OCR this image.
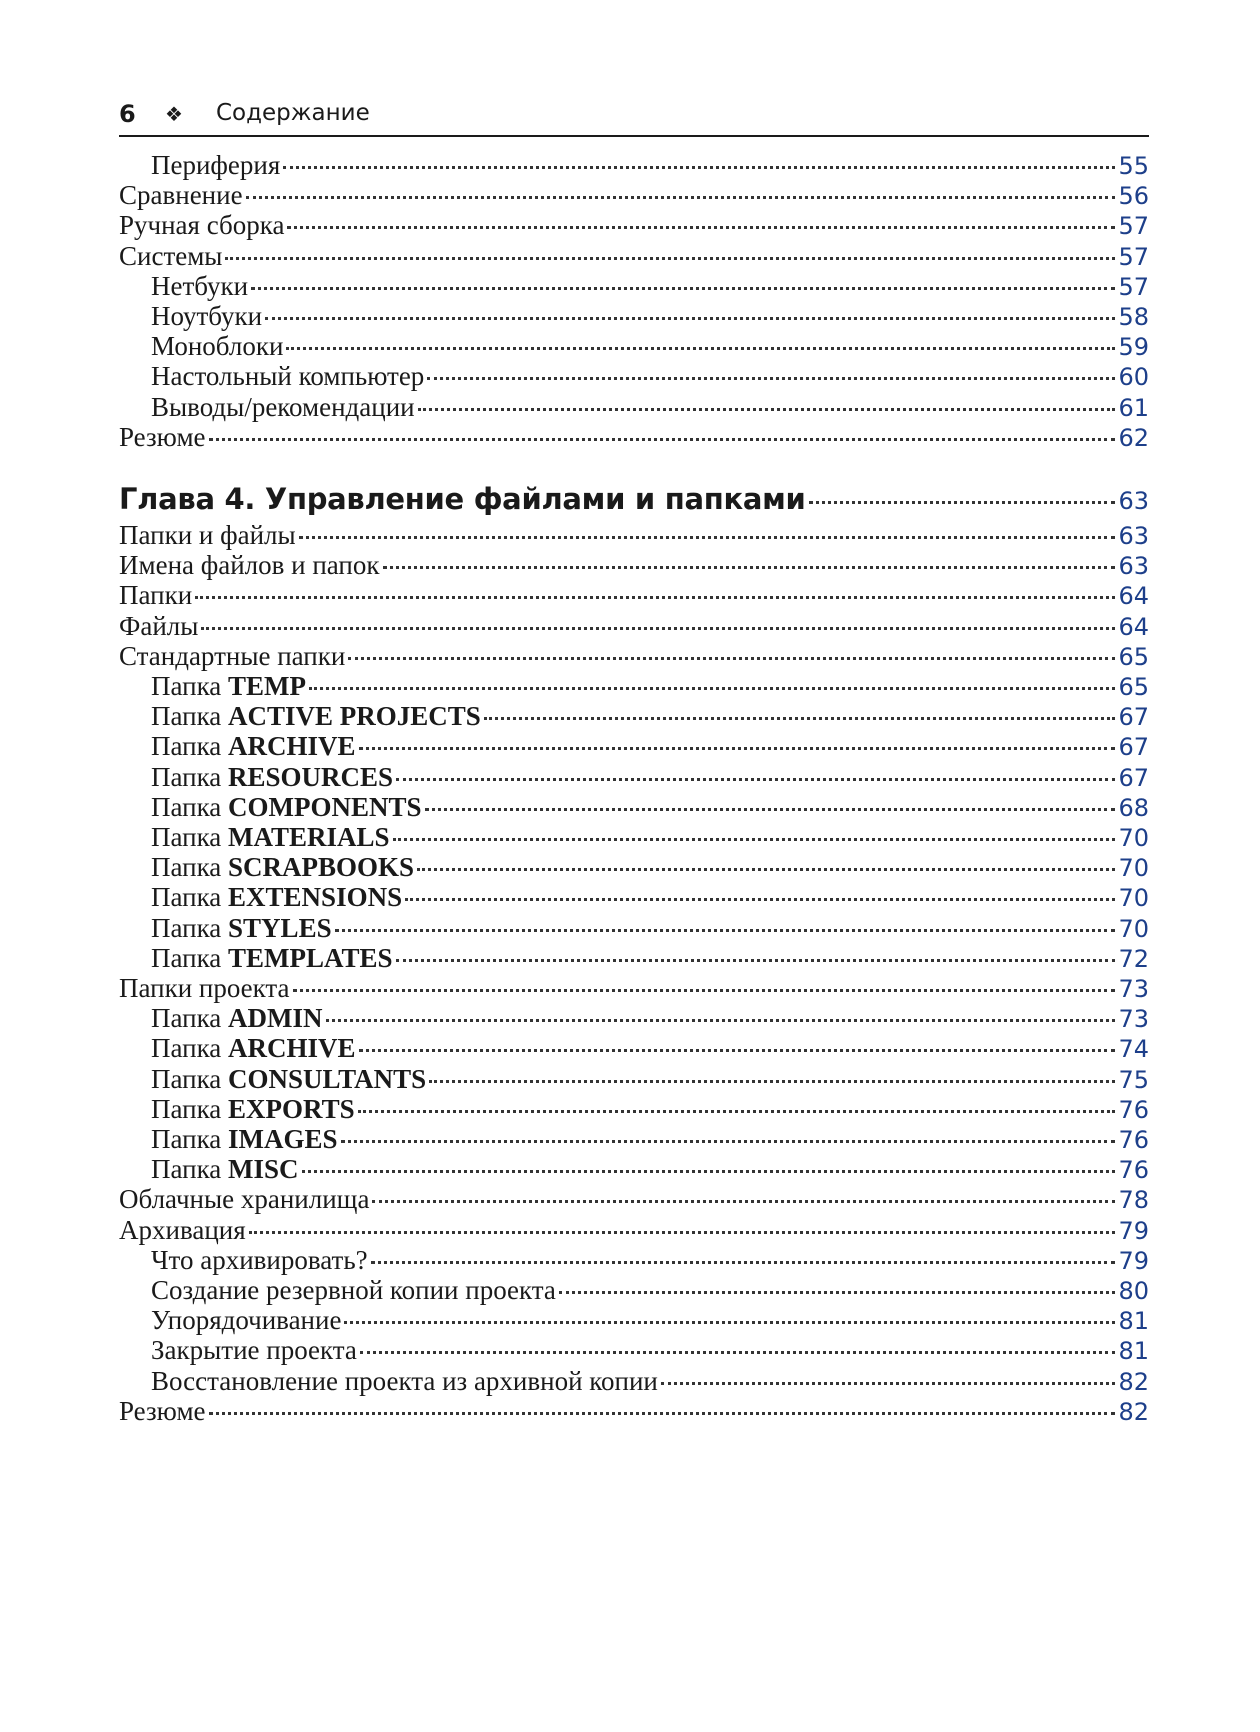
6 ❖ Содержание
Периферия	55
Сравнение	56
Ручная сборка	57
Системы	57
Нетбуки	57
Ноутбуки	58
Моноблоки	59
Настольный компьютер	60
Выводы/рекомендации	61
Резюме	62
Глава 4. Управление файлами и папками	63
Папки и файлы	63
Имена файлов и папок	63
Папки	64
Файлы	64
Стандартные папки	65
Папка TEMP	65
Папка ACTIVE PROJECTS	67
Папка ARCHIVE	67
Папка RESOURCES	67
Папка COMPONENTS	68
Папка MATERIALS	70
Папка SCRAPBOOKS	70
Папка EXTENSIONS	70
Папка STYLES	70
Папка TEMPLATES	72
Папки проекта	73
Папка ADMIN	73
Папка ARCHIVE	74
Папка CONSULTANTS	75
Папка EXPORTS	76
Папка IMAGES	76
Папка MISC	76
Облачные хранилища	78
Архивация	79
Что архивировать?	79
Создание резервной копии проекта	80
Упорядочивание	81
Закрытие проекта	81
Восстановление проекта из архивной копии	82
Резюме	82
